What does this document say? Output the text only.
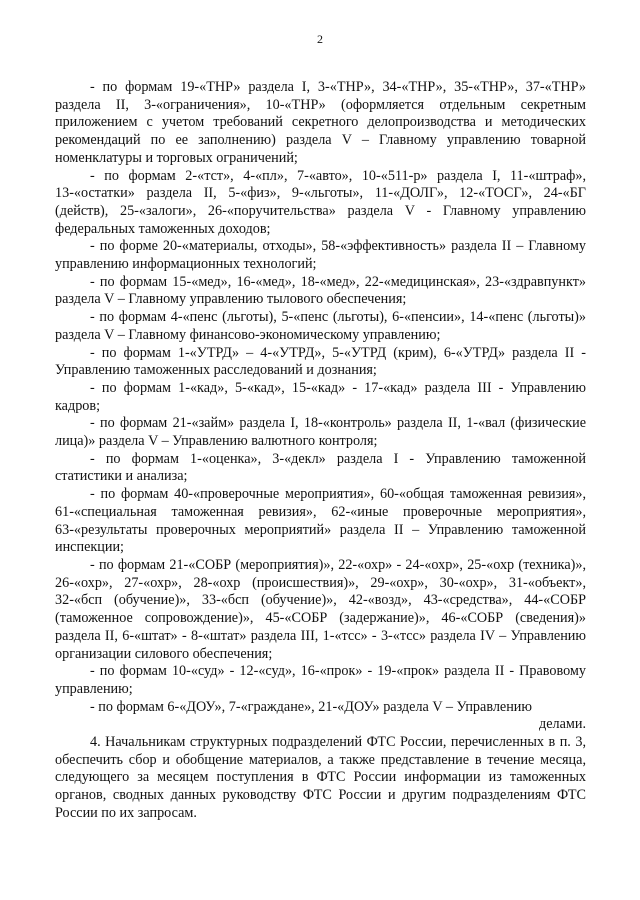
2

- по формам 19-«ТНР» раздела I, 3-«ТНР», 34-«ТНР», 35-«ТНР», 37-«ТНР» раздела II, 3-«ограничения», 10-«ТНР» (оформляется отдельным секретным приложением с учетом требований секретного делопроизводства и методических рекомендаций по ее заполнению) раздела V – Главному управлению товарной номенклатуры и торговых ограничений;

- по формам 2-«тст», 4-«пл», 7-«авто», 10-«511-р» раздела I, 11-«штраф», 13-«остатки» раздела II, 5-«физ», 9-«льготы», 11-«ДОЛГ», 12-«ТОСГ», 24-«БГ (действ), 25-«залоги», 26-«поручительства» раздела V - Главному управлению федеральных таможенных доходов;

- по форме 20-«материалы, отходы», 58-«эффективность» раздела II – Главному управлению информационных технологий;

- по формам 15-«мед», 16-«мед», 18-«мед», 22-«медицинская», 23-«здравпункт» раздела V – Главному управлению тылового обеспечения;

- по формам 4-«пенс (льготы), 5-«пенс (льготы), 6-«пенсии», 14-«пенс (льготы)» раздела V – Главному финансово-экономическому управлению;

- по формам 1-«УТРД» – 4-«УТРД», 5-«УТРД (крим), 6-«УТРД» раздела II - Управлению таможенных расследований и дознания;

- по формам 1-«кад», 5-«кад», 15-«кад» - 17-«кад» раздела III - Управлению кадров;

- по формам 21-«займ» раздела I, 18-«контроль» раздела II, 1-«вал (физические лица)» раздела V – Управлению валютного контроля;

- по формам 1-«оценка», 3-«декл» раздела I - Управлению таможенной статистики и анализа;

- по формам 40-«проверочные мероприятия», 60-«общая таможенная ревизия», 61-«специальная таможенная ревизия», 62-«иные проверочные мероприятия», 63-«результаты проверочных мероприятий» раздела II – Управлению таможенной инспекции;

- по формам 21-«СОБР (мероприятия)», 22-«охр» - 24-«охр», 25-«охр (техника)», 26-«охр», 27-«охр», 28-«охр (происшествия)», 29-«охр», 30-«охр», 31-«объект», 32-«бсп (обучение)», 33-«бсп (обучение)», 42-«возд», 43-«средства», 44-«СОБР (таможенное сопровождение)», 45-«СОБР (задержание)», 46-«СОБР (сведения)» раздела II, 6-«штат» - 8-«штат» раздела III, 1-«тсс» - 3-«тсс» раздела IV – Управлению организации силового обеспечения;

- по формам 10-«суд» - 12-«суд», 16-«прок» - 19-«прок» раздела II - Правовому управлению;

- по формам 6-«ДОУ», 7-«граждане», 21-«ДОУ» раздела V – Управлению

делами.

4. Начальникам структурных подразделений ФТС России, перечисленных в п. 3, обеспечить сбор и обобщение материалов, а также представление в течение месяца, следующего за месяцем поступления в ФТС России информации из таможенных органов, сводных данных руководству ФТС России и другим подразделениям ФТС России по их запросам.
